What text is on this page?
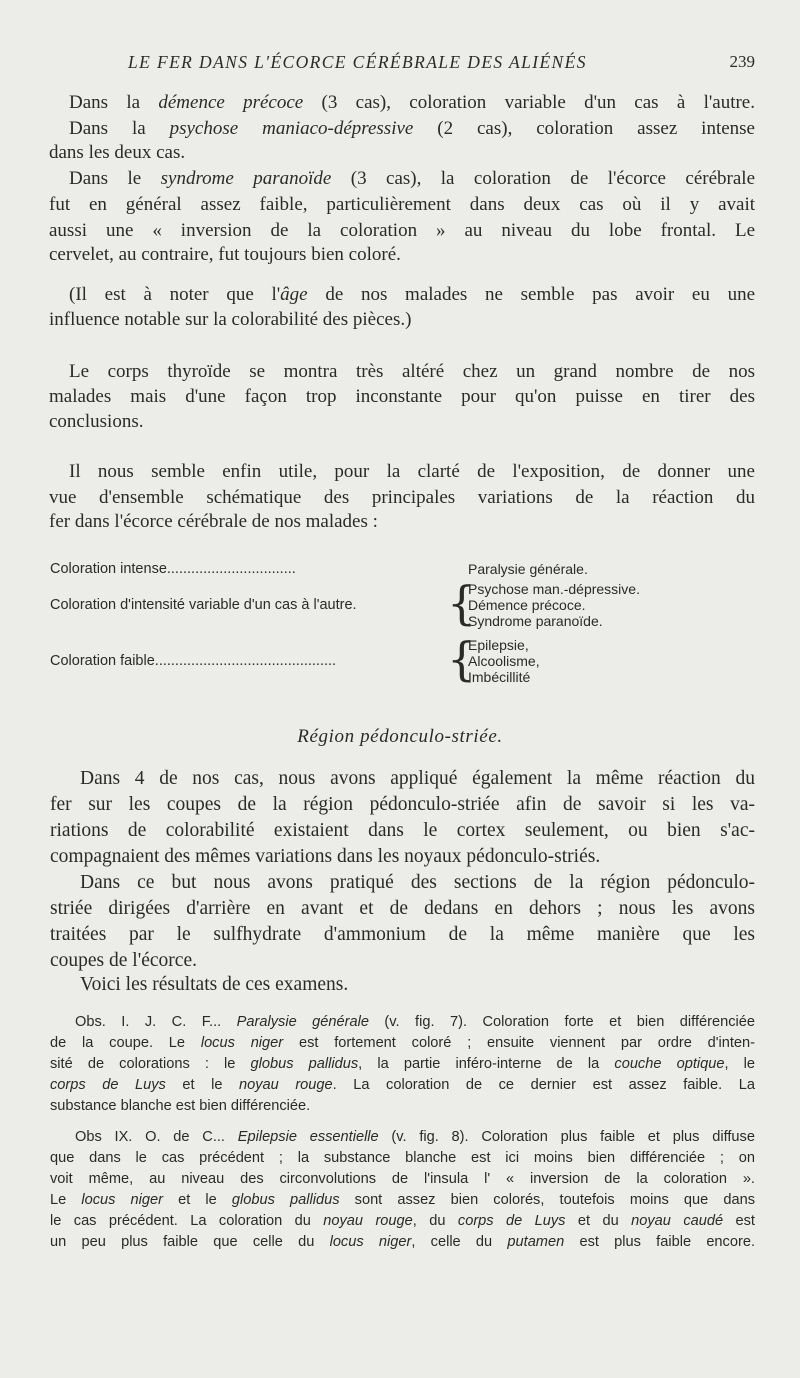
LE FER DANS L'ÉCORCE CÉRÉBRALE DES ALIÉNÉS	239
Dans la démence précoce (3 cas), coloration variable d'un cas à l'autre.
Dans la psychose maniaco-dépressive (2 cas), coloration assez intense
dans les deux cas.
Dans le syndrome paranoïde (3 cas), la coloration de l'écorce cérébrale
fut en général assez faible, particulièrement dans deux cas où il y avait
aussi une « inversion de la coloration » au niveau du lobe frontal. Le
cervelet, au contraire, fut toujours bien coloré.
(Il est à noter que l'âge de nos malades ne semble pas avoir eu une
influence notable sur la colorabilité des pièces.)
Le corps thyroïde se montra très altéré chez un grand nombre de nos
malades mais d'une façon trop inconstante pour qu'on puisse en tirer des
conclusions.
Il nous semble enfin utile, pour la clarté de l'exposition, de donner une
vue d'ensemble schématique des principales variations de la réaction du
fer dans l'écorce cérébrale de nos malades :
Coloration intense................................	Paralysie générale.
Coloration d'intensité variable d'un cas à l'autre. {
Psychose man.-dépressive.
Démence précoce.
Syndrome paranoïde.
Coloration faible............................................. {
Epilepsie,
Alcoolisme,
Imbécillité
Région pédonculo-striée.
Dans 4 de nos cas, nous avons appliqué également la même réaction du
fer sur les coupes de la région pédonculo-striée afin de savoir si les va-
riations de colorabilité existaient dans le cortex seulement, ou bien s'ac-
compagnaient des mêmes variations dans les noyaux pédonculo-striés.
Dans ce but nous avons pratiqué des sections de la région pédonculo-
striée dirigées d'arrière en avant et de dedans en dehors ; nous les avons
traitées par le sulfhydrate d'ammonium de la même manière que les
coupes de l'écorce.
Voici les résultats de ces examens.
Obs. I. J. C. F... Paralysie générale (v. fig. 7). Coloration forte et bien différenciée
de la coupe. Le locus niger est fortement coloré ; ensuite viennent par ordre d'inten-
sité de colorations : le globus pallidus, la partie inféro-interne de la couche optique, le
corps de Luys et le noyau rouge. La coloration de ce dernier est assez faible. La
substance blanche est bien différenciée.
Obs IX. O. de C... Epilepsie essentielle (v. fig. 8). Coloration plus faible et plus diffuse
que dans le cas précédent ; la substance blanche est ici moins bien différenciée ; on
voit même, au niveau des circonvolutions de l'insula l' « inversion de la coloration ».
Le locus niger et le globus pallidus sont assez bien colorés, toutefois moins que dans
le cas précédent. La coloration du noyau rouge, du corps de Luys et du noyau caudé est
un peu plus faible que celle du locus niger, celle du putamen est plus faible encore.
